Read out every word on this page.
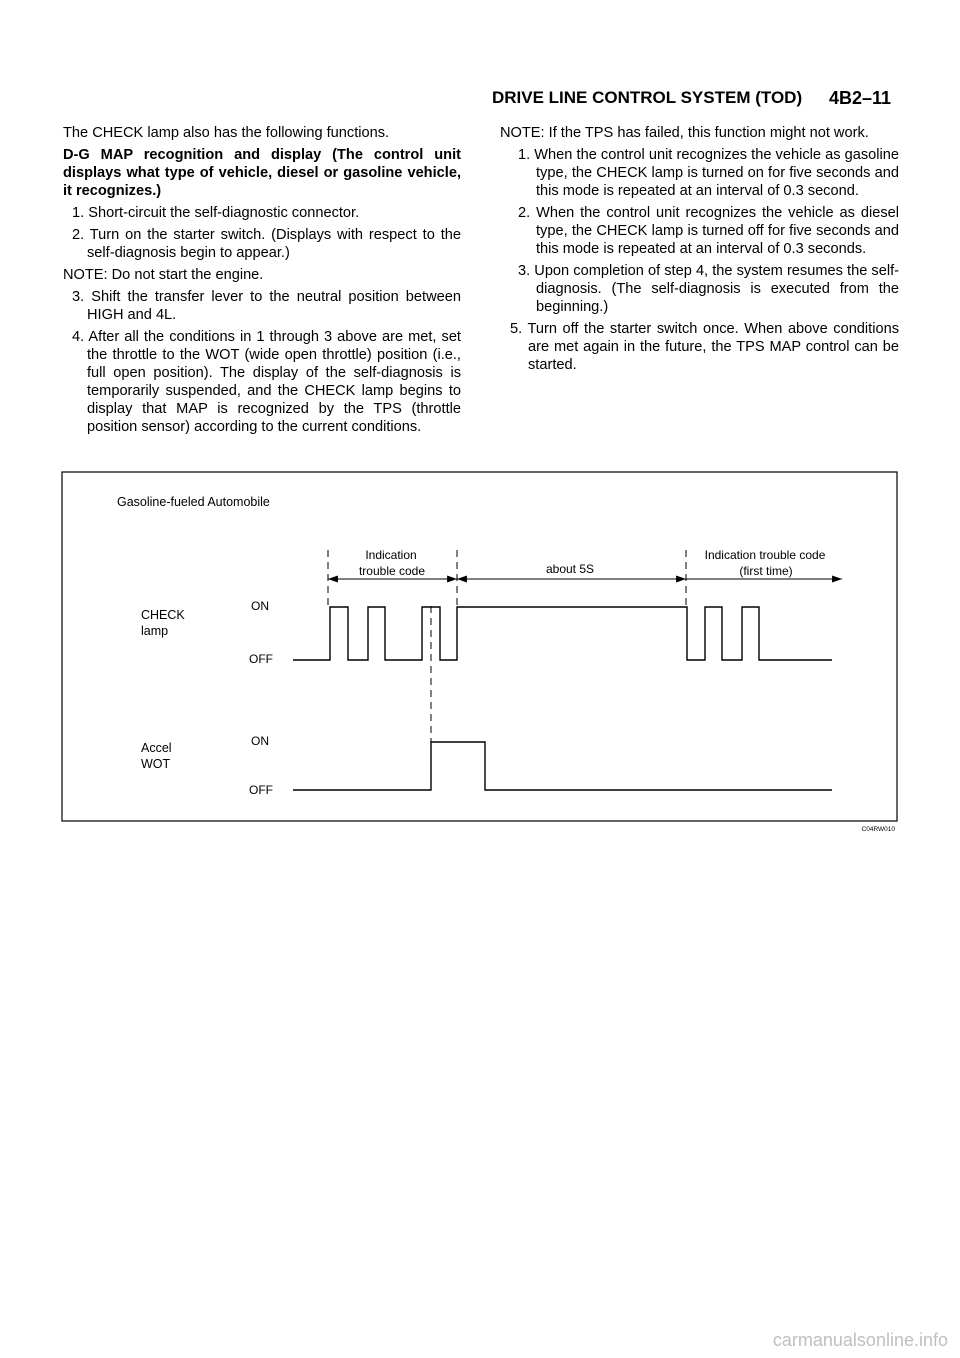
DRIVE LINE CONTROL SYSTEM (TOD) 4B2–11

The CHECK lamp also has the following functions.

D-G MAP recognition and display (The control unit displays what type of vehicle, diesel or gasoline vehicle, it recognizes.)

1. Short-circuit the self-diagnostic connector.

2. Turn on the starter switch. (Displays with respect to the self-diagnosis begin to appear.)

NOTE: Do not start the engine.

3. Shift the transfer lever to the neutral position between HIGH and 4L.

4. After all the conditions in 1 through 3 above are met, set the throttle to the WOT (wide open throttle) position (i.e., full open position). The display of the self-diagnosis is temporarily suspended, and the CHECK lamp begins to display that MAP is recognized by the TPS (throttle position sensor) according to the current conditions.

NOTE: If the TPS has failed, this function might not work.

1. When the control unit recognizes the vehicle as gasoline type, the CHECK lamp is turned on for five seconds and this mode is repeated at an interval of 0.3 second.

2. When the control unit recognizes the vehicle as diesel type, the CHECK lamp is turned off for five seconds and this mode is repeated at an interval of 0.3 seconds.

3. Upon completion of step 4, the system resumes the self-diagnosis. (The self-diagnosis is executed from the beginning.)

5. Turn off the starter switch once. When above conditions are met again in the future, the TPS MAP control can be started.

Gasoline-fueled Automobile
Indication
trouble code	about 5S
Indication trouble code
(first time)
CHECK
lamp
ON
OFF
Accel
WOT
ON
OFF
C04RW010
carmanualsonline.info
